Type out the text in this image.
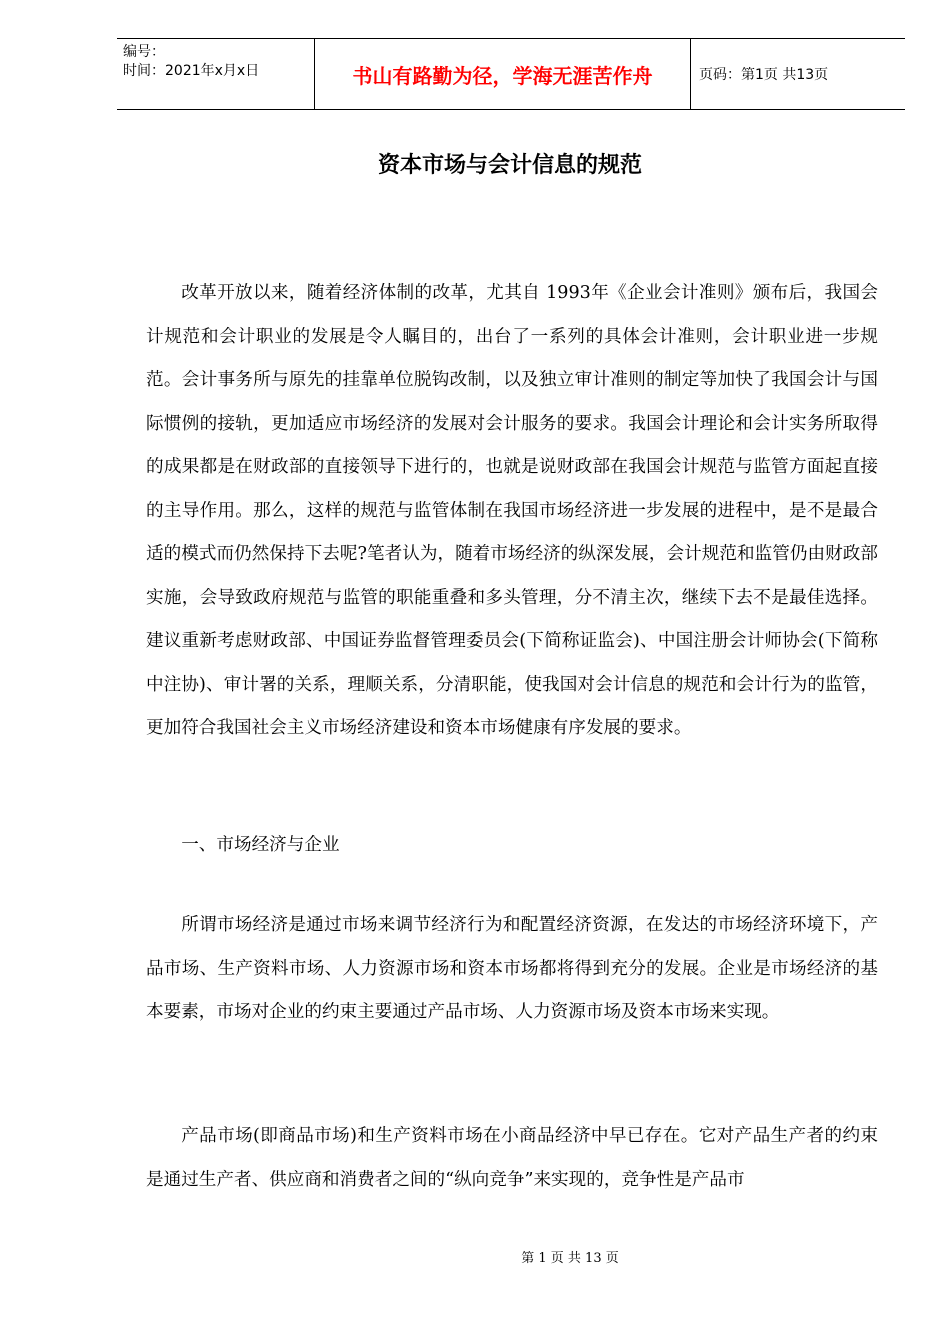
编号：
时间：2021年x月x日	书山有路勤为径，学海无涯苦作舟	页码：第1页 共13页
资本市场与会计信息的规范

改革开放以来，随着经济体制的改革，尤其自 1993年《企业会计准则》颁布后，我国会计规范和会计职业的发展是令人瞩目的，出台了一系列的具体会计准则，会计职业进一步规范。会计事务所与原先的挂靠单位脱钩改制，以及独立审计准则的制定等加快了我国会计与国际惯例的接轨，更加适应市场经济的发展对会计服务的要求。我国会计理论和会计实务所取得的成果都是在财政部的直接领导下进行的，也就是说财政部在我国会计规范与监管方面起直接的主导作用。那么，这样的规范与监管体制在我国市场经济进一步发展的进程中，是不是最合适的模式而仍然保持下去呢?笔者认为，随着市场经济的纵深发展，会计规范和监管仍由财政部实施，会导致政府规范与监管的职能重叠和多头管理，分不清主次，继续下去不是最佳选择。建议重新考虑财政部、中国证券监督管理委员会(下简称证监会)、中国注册会计师协会(下简称中注协)、审计署的关系，理顺关系，分清职能，使我国对会计信息的规范和会计行为的监管，更加符合我国社会主义市场经济建设和资本市场健康有序发展的要求。

一、市场经济与企业

所谓市场经济是通过市场来调节经济行为和配置经济资源，在发达的市场经济环境下，产品市场、生产资料市场、人力资源市场和资本市场都将得到充分的发展。企业是市场经济的基本要素，市场对企业的约束主要通过产品市场、人力资源市场及资本市场来实现。

产品市场(即商品市场)和生产资料市场在小商品经济中早已存在。它对产品生产者的约束是通过生产者、供应商和消费者之间的“纵向竞争”来实现的，竞争性是产品市

第 1 页 共 13 页
